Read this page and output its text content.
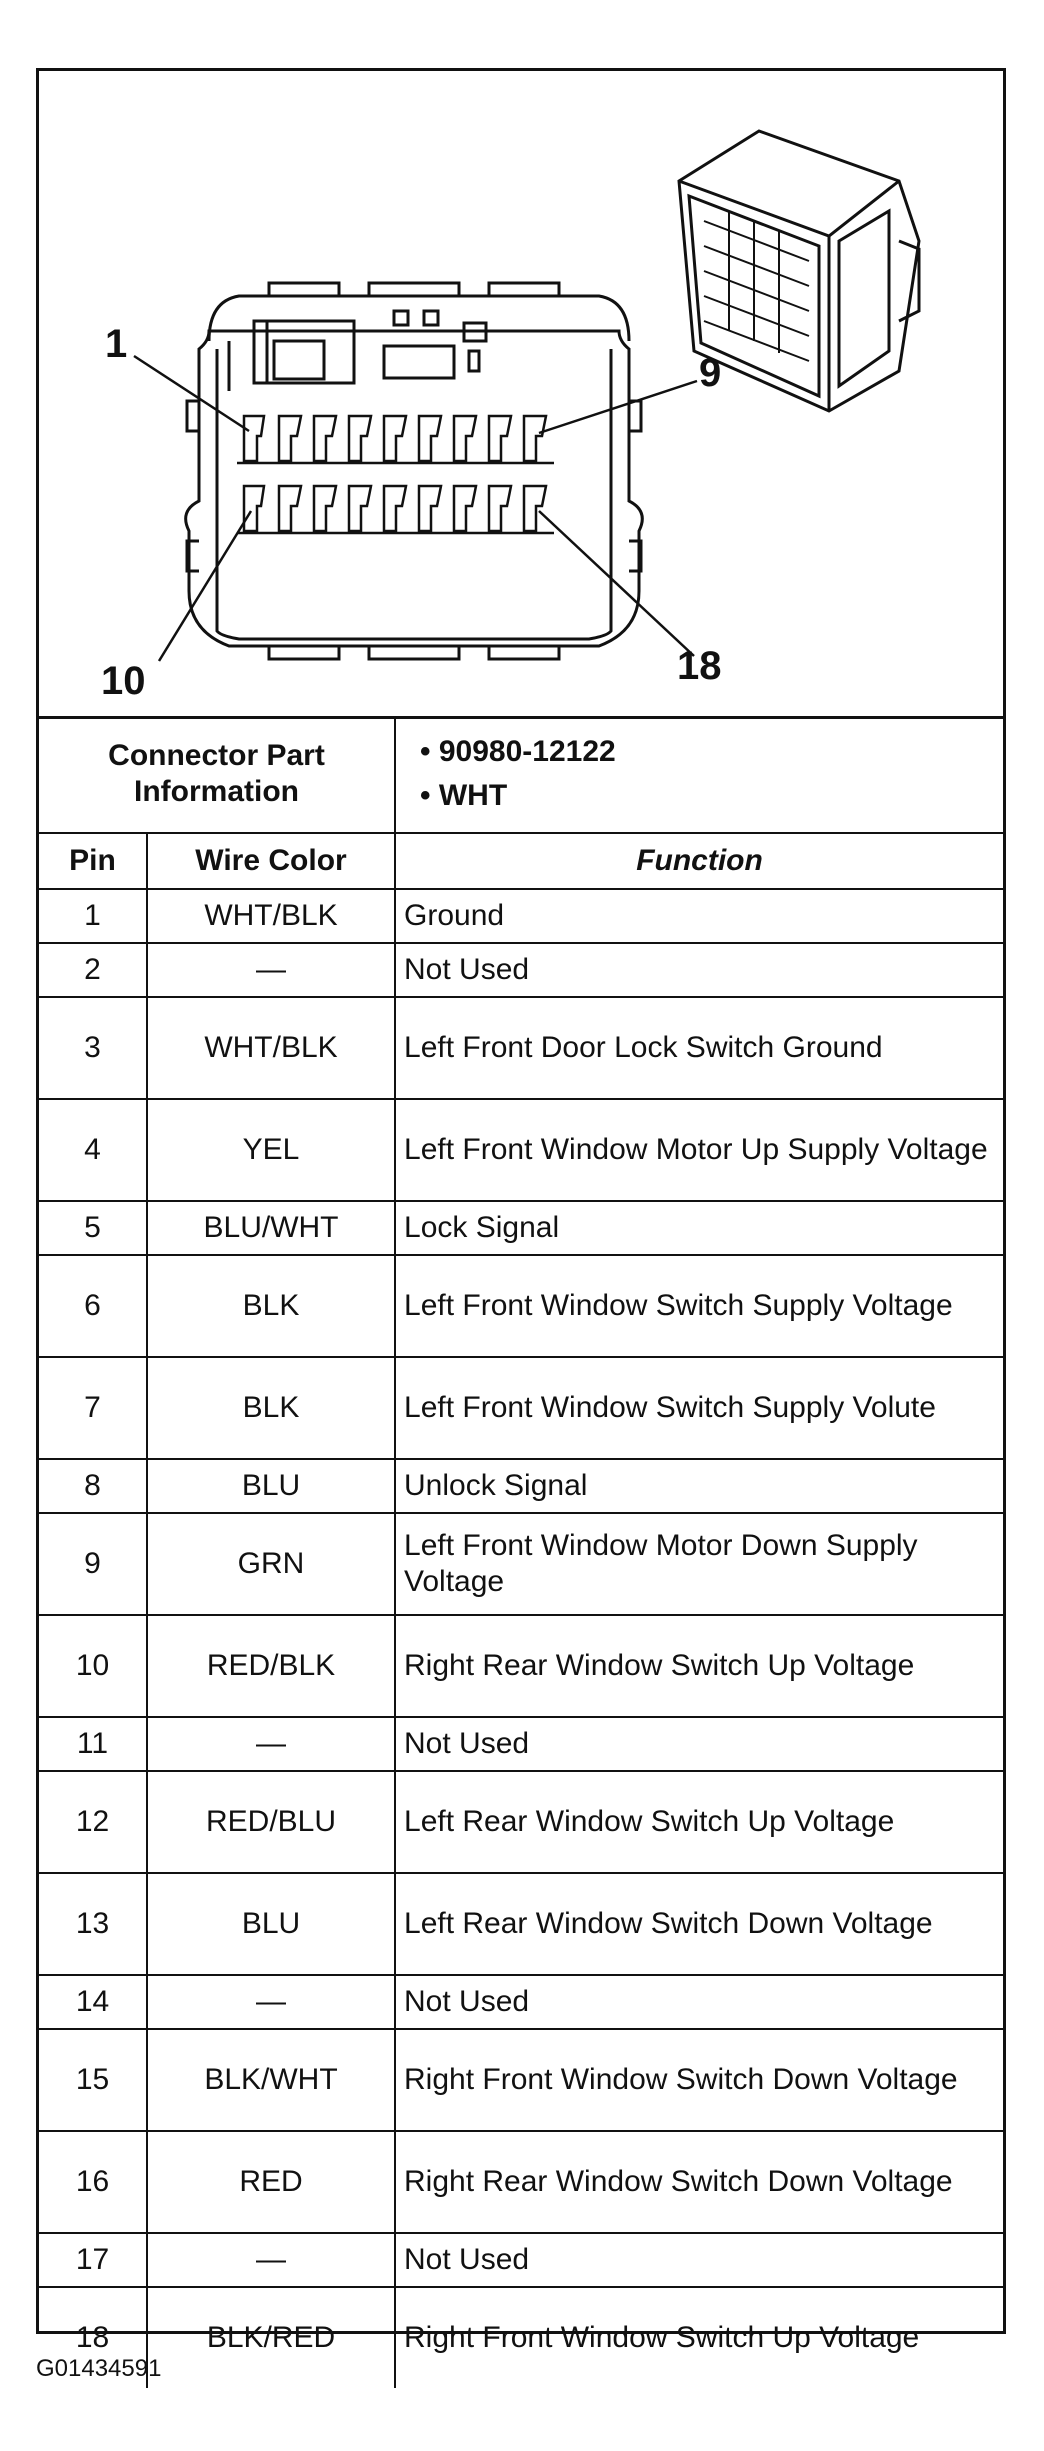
1
9
10	18
Connector Part Information		• 90980-12122
• WHT

Pin	Wire Color	Function
1	WHT/BLK	Ground
2	—	Not Used
3	WHT/BLK	Left Front Door Lock Switch Ground
4	YEL	Left Front Window Motor Up Supply Voltage
5	BLU/WHT	Lock Signal
6	BLK	Left Front Window Switch Supply Voltage
7	BLK	Left Front Window Switch Supply Volute
8	BLU	Unlock Signal
9	GRN	Left Front Window Motor Down Supply Voltage
10	RED/BLK	Right Rear Window Switch Up Voltage
11	—	Not Used
12	RED/BLU	Left Rear Window Switch Up Voltage
13	BLU	Left Rear Window Switch Down Voltage
14	—	Not Used
15	BLK/WHT	Right Front Window Switch Down Voltage
16	RED	Right Rear Window Switch Down Voltage
17	—	Not Used
18	BLK/RED	Right Front Window Switch Up Voltage
G01434591
